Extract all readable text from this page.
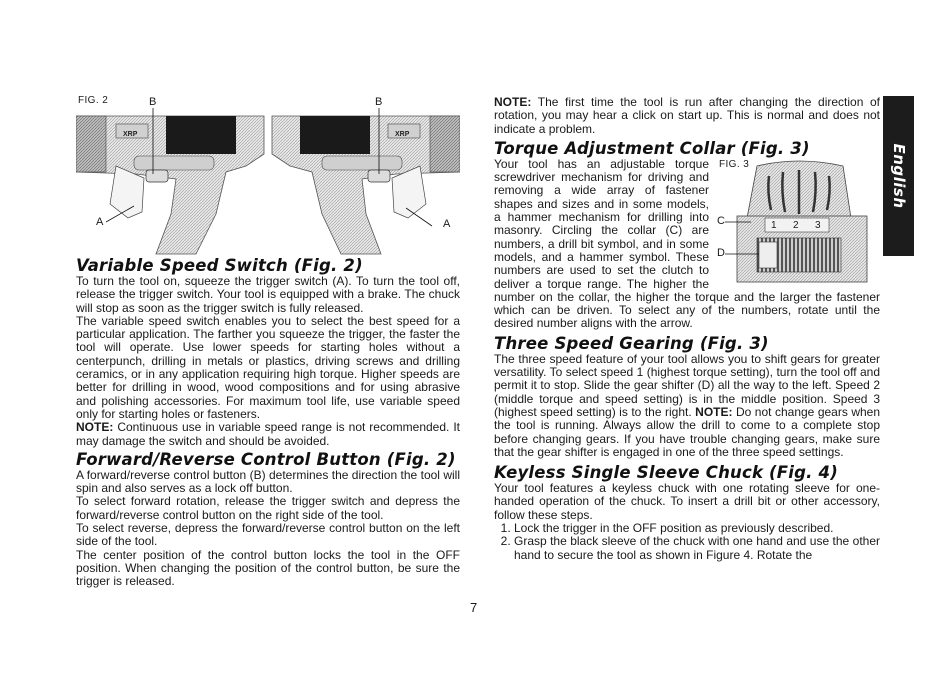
FIG. 2	B	B
A	A
XRP	XRP
Variable Speed Switch (Fig. 2)

To turn the tool on, squeeze the trigger switch (A). To turn the tool off, release the trigger switch. Your tool is equipped with a brake. The chuck will stop as soon as the trigger switch is fully released.

The variable speed switch enables you to select the best speed for a particular application. The farther you squeeze the trigger, the faster the tool will operate. Use lower speeds for starting holes without a centerpunch, drilling in metals or plastics, driving screws and drilling ceramics, or in any application requiring high torque. Higher speeds are better for drilling in wood, wood compositions and for using abrasive and polishing accessories. For maximum tool life, use variable speed only for starting holes or fasteners.

NOTE: Continuous use in variable speed range is not recommended. It may damage the switch and should be avoided.

Forward/Reverse Control Button (Fig. 2)

A forward/reverse control button (B) determines the direction the tool will spin and also serves as a lock off button.

To select forward rotation, release the trigger switch and depress the forward/reverse control button on the right side of the tool.

To select reverse, depress the forward/reverse control button on the left side of the tool.

The center position of the control button locks the tool in the OFF position. When changing the position of the control button, be sure the trigger is released.

NOTE: The first time the tool is run after changing the direction of rotation, you may hear a click on start up. This is normal and does not indicate a problem.

Torque Adjustment Collar (Fig. 3)
FIG. 3
C
D
1 2 3

Your tool has an adjustable torque screwdriver mechanism for driving and removing a wide array of fastener shapes and sizes and in some models, a hammer mechanism for drilling into masonry. Circling the collar (C) are numbers, a drill bit symbol, and in some models, and a hammer symbol. These numbers are used to set the clutch to deliver a torque range. The higher the number on the collar, the higher the torque and the larger the fastener which can be driven. To select any of the numbers, rotate until the desired number aligns with the arrow.

Three Speed Gearing (Fig. 3)

The three speed feature of your tool allows you to shift gears for greater versatility. To select speed 1 (highest torque setting), turn the tool off and permit it to stop. Slide the gear shifter (D) all the way to the left. Speed 2 (middle torque and speed setting) is in the middle position. Speed 3 (highest speed setting) is to the right. NOTE: Do not change gears when the tool is running. Always allow the drill to come to a complete stop before changing gears. If you have trouble changing gears, make sure that the gear shifter is engaged in one of the three speed settings.

Keyless Single Sleeve Chuck (Fig. 4)

Your tool features a keyless chuck with one rotating sleeve for one-handed operation of the chuck. To insert a drill bit or other accessory, follow these steps.

1. Lock the trigger in the OFF position as previously described.
2. Grasp the black sleeve of the chuck with one hand and use the other hand to secure the tool as shown in Figure 4. Rotate the
English
7
